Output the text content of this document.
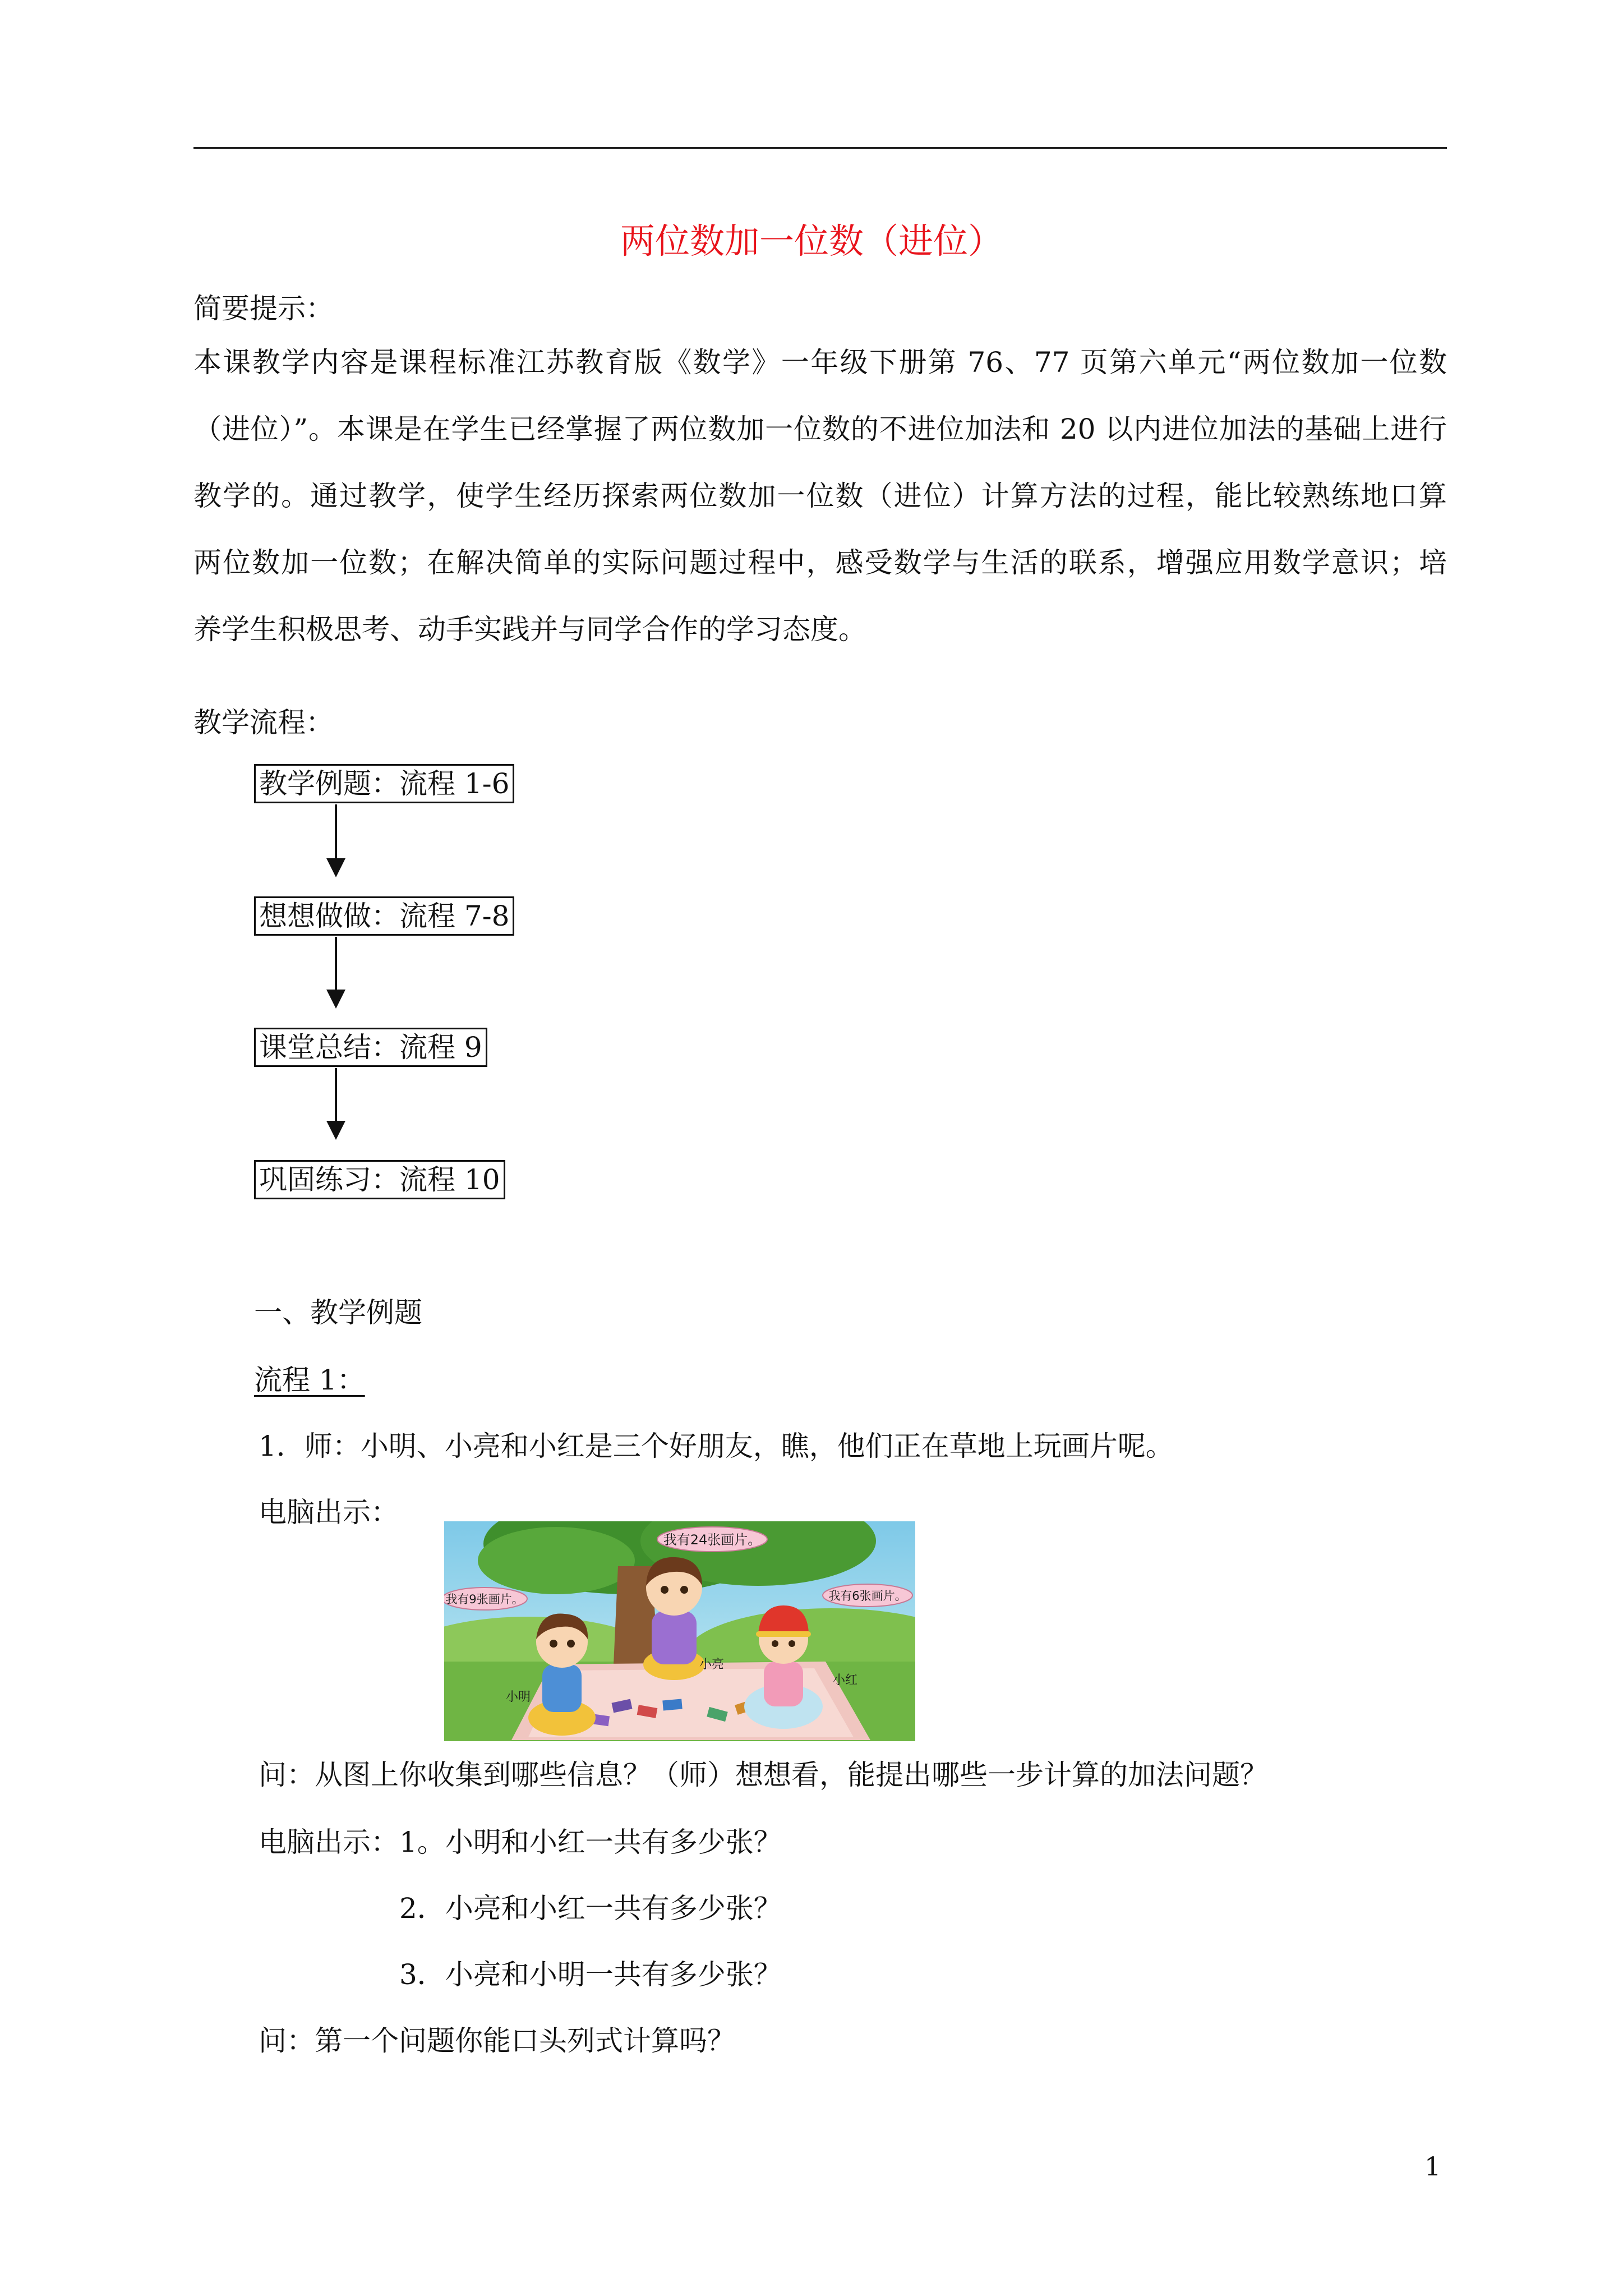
两位数加一位数（进位）
简要提示：
本课教学内容是课程标准江苏教育版《数学》一年级下册第 76、77 页第六单元“两位数加一位数
（进位）”。本课是在学生已经掌握了两位数加一位数的不进位加法和 20 以内进位加法的基础上进行
教学的。通过教学，使学生经历探索两位数加一位数（进位）计算方法的过程，能比较熟练地口算
两位数加一位数；在解决简单的实际问题过程中，感受数学与生活的联系，增强应用数学意识；培
养学生积极思考、动手实践并与同学合作的学习态度。
教学流程：
教学例题：流程 1-6
想想做做：流程 7-8
课堂总结：流程 9
巩固练习：流程 10
一、教学例题
流程 1：
1．师：小明、小亮和小红是三个好朋友，瞧，他们正在草地上玩画片呢。
电脑出示：
我有24张画片。
我有9张画片。	我有6张画片。
小明
小亮
小红
问：从图上你收集到哪些信息？（师）想想看，能提出哪些一步计算的加法问题？
电脑出示： 1。小明和小红一共有多少张？
2．小亮和小红一共有多少张？
3．小亮和小明一共有多少张？
问：第一个问题你能口头列式计算吗？
1
